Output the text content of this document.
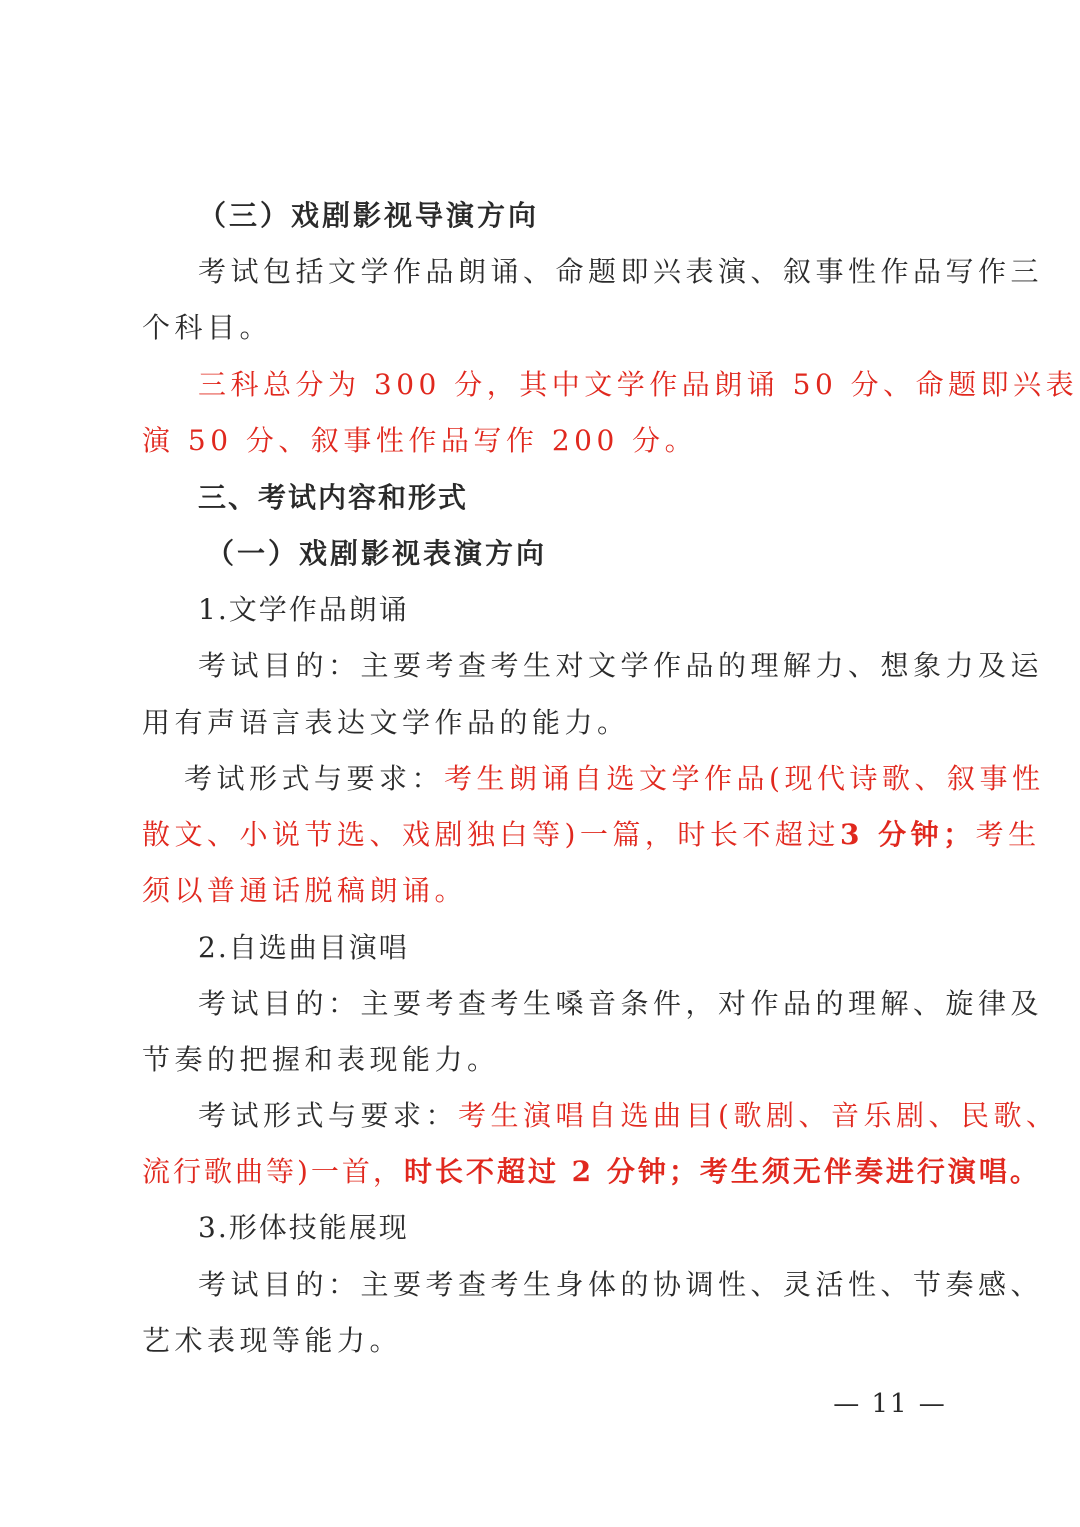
（三）戏剧影视导演方向

考试包括文学作品朗诵、命题即兴表演、叙事性作品写作三

个科目。

三科总分为 300 分，其中文学作品朗诵 50 分、命题即兴表

演 50 分、叙事性作品写作 200 分。

三、考试内容和形式

（一）戏剧影视表演方向

1.文学作品朗诵

考试目的：主要考查考生对文学作品的理解力、想象力及运

用有声语言表达文学作品的能力。

考试形式与要求：考生朗诵自选文学作品(现代诗歌、叙事性

散文、小说节选、戏剧独白等)一篇，时长不超过3 分钟；考生

须以普通话脱稿朗诵。

2.自选曲目演唱

考试目的：主要考查考生嗓音条件，对作品的理解、旋律及

节奏的把握和表现能力。

考试形式与要求：考生演唱自选曲目(歌剧、音乐剧、民歌、

流行歌曲等)一首，时长不超过 2 分钟；考生须无伴奏进行演唱。

3.形体技能展现

考试目的：主要考查考生身体的协调性、灵活性、节奏感、

艺术表现等能力。

— 11 —
